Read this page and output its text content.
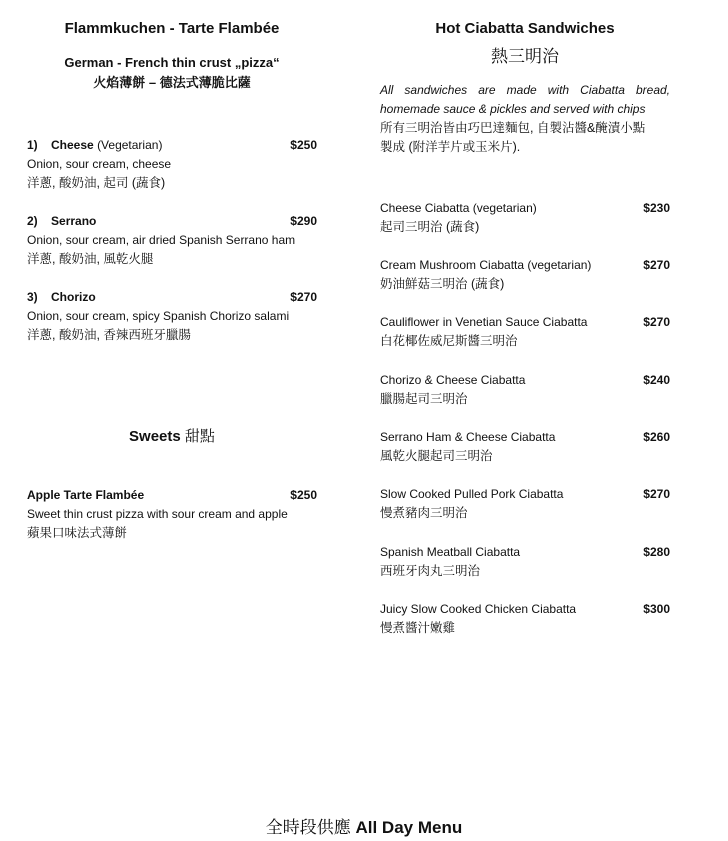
Flammkuchen - Tarte Flambée
German - French thin crust „pizza“
火焰薄餅 – 德法式薄脆比薩
1) Cheese (Vegetarian)	$250
Onion, sour cream, cheese
洋蔥, 酸奶油, 起司 (蔬食)
2) Serrano	$290
Onion, sour cream, air dried Spanish Serrano ham
洋蔥, 酸奶油, 風乾火腿
3) Chorizo	$270
Onion, sour cream, spicy Spanish Chorizo salami
洋蔥, 酸奶油, 香辣西班牙臘腸
Sweets 甜點
Apple Tarte Flambée	$250
Sweet thin crust pizza with sour cream and apple
蘋果口味法式薄餅
Hot Ciabatta Sandwiches
熱三明治
All sandwiches are made with Ciabatta bread,
homemade sauce & pickles and served with chips
所有三明治皆由巧巴達麵包, 自製沾醬&醃漬小點
製成 (附洋芋片或玉米片).
Cheese Ciabatta (vegetarian)	$230
起司三明治 (蔬食)
Cream Mushroom Ciabatta (vegetarian)	$270
奶油鮮菇三明治 (蔬食)
Cauliflower in Venetian Sauce Ciabatta	$270
白花椰佐威尼斯醬三明治
Chorizo & Cheese Ciabatta	$240
臘腸起司三明治
Serrano Ham & Cheese Ciabatta	$260
風乾火腿起司三明治
Slow Cooked Pulled Pork Ciabatta	$270
慢煮豬肉三明治
Spanish Meatball Ciabatta	$280
西班牙肉丸三明治
Juicy Slow Cooked Chicken Ciabatta	$300
慢煮醬汁嫩雞
全時段供應 All Day Menu
